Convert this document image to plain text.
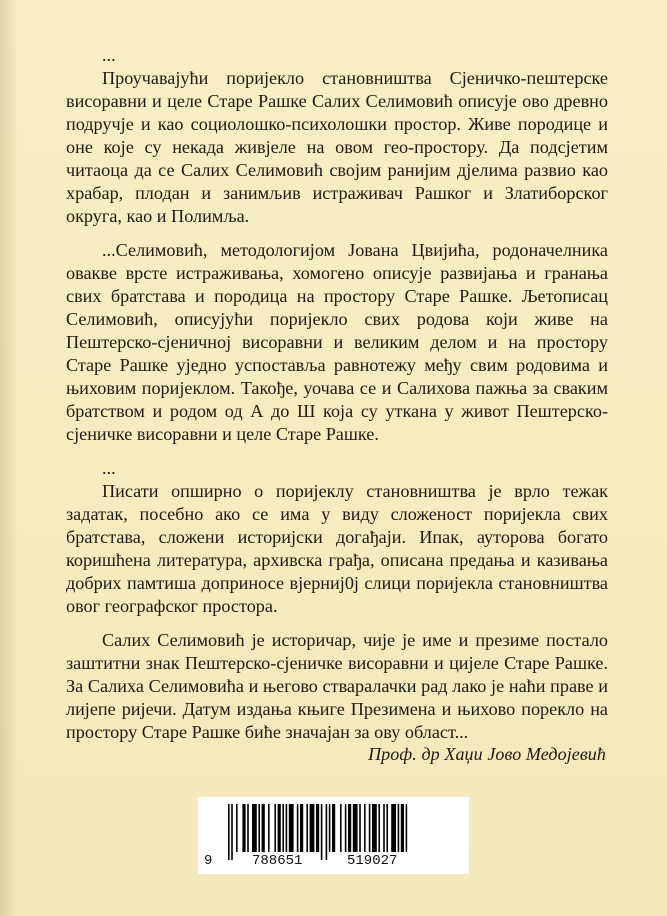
...

Проучавајући поријекло становништва Сјеничко-пештерске висоравни и целе Старе Рашке Салих Селимовић описује ово древно подручје и као социолошко-психолошки простор. Живе породице и оне које су некада живјеле на овом гео-простору. Да подсјетим читаоца да се Салих Селимовић својим ранијим дјелима развио као храбар, плодан и занимљив истраживач Рашког и Златиборског округа, као и Полимља.

...Селимовић, методологијом Јована Цвијића, родоначелника овакве врсте истраживања, хомогено описује развијања и гранања свих братстава и породица на простору Старе Рашке. Љетописац Селимовић, описујући поријекло свих родова који живе на Пештерско-сјеничној висоравни и великим делом и на простору Старе Рашке уједно успоставља равнотежу међу свим родовима и њиховим поријеклом. Такође, уочава се и Салихова пажња за сваким братством и родом од А до Ш која су уткана у живот Пештерско-сјеничке висоравни и целе Старе Рашке.

...

Писати опширно о поријеклу становништва је врло тежак задатак, посебно ако се има у виду сложеност поријекла свих братстава, сложени историјски догађаји. Ипак, ауторова богато коришћена литература, архивска грађа, описана предања и казивања добрих памтиша доприносе вјерниј0ј слици поријекла становништва овог географског простора.

Салих Селимовић је историчар, чије је име и презиме постало заштитни знак Пештерско-сјеничке висоравни и цијеле Старе Рашке. За Салиха Селимовића и његово стваралачки рад лако је наћи праве и лијепе ријечи. Датум издања књиге Презимена и њихово порекло на простору Старе Рашке биће значајан за ову област...

Проф. др Хаџи Јово Медојевић
9	788651	519027
